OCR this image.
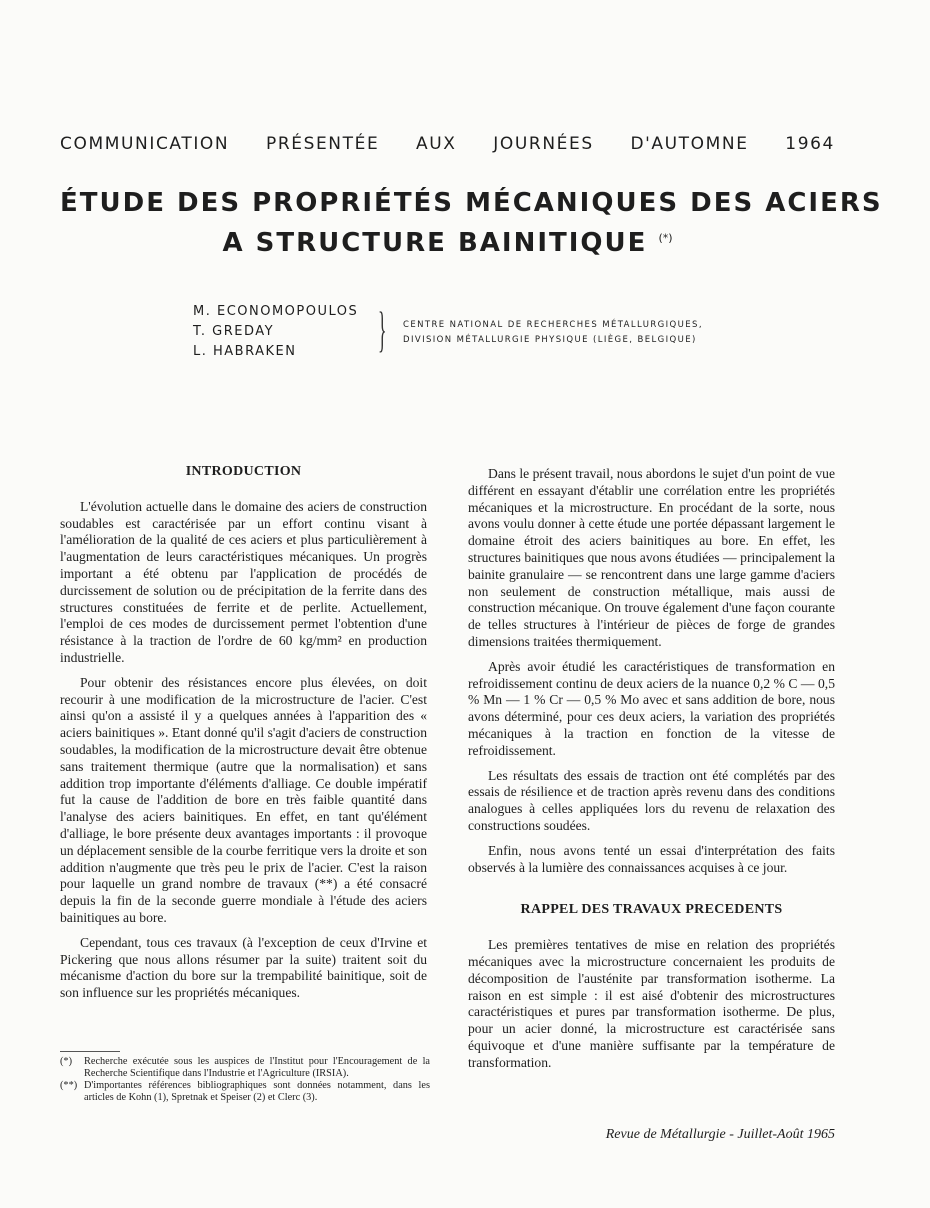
COMMUNICATION PRÉSENTÉE AUX JOURNÉES D'AUTOMNE 1964
ÉTUDE DES PROPRIÉTÉS MÉCANIQUES DES ACIERS
A STRUCTURE BAINITIQUE (*)
M. ECONOMOPOULOS
T. GREDAY
L. HABRAKEN	} CENTRE NATIONAL DE RECHERCHES MÉTALLURGIQUES,
DIVISION MÉTALLURGIE PHYSIQUE (LIÈGE, BELGIQUE)
INTRODUCTION

L'évolution actuelle dans le domaine des aciers de construction soudables est caractérisée par un effort continu visant à l'amélioration de la qualité de ces aciers et plus particulièrement à l'augmentation de leurs caractéristiques mécaniques. Un progrès important a été obtenu par l'application de procédés de durcissement de solution ou de précipitation de la ferrite dans des structures constituées de ferrite et de perlite. Actuellement, l'emploi de ces modes de durcissement permet l'obtention d'une résistance à la traction de l'ordre de 60 kg/mm² en production industrielle.

Pour obtenir des résistances encore plus élevées, on doit recourir à une modification de la microstructure de l'acier. C'est ainsi qu'on a assisté il y a quelques années à l'apparition des « aciers bainitiques ». Etant donné qu'il s'agit d'aciers de construction soudables, la modification de la microstructure devait être obtenue sans traitement thermique (autre que la normalisation) et sans addition trop importante d'éléments d'alliage. Ce double impératif fut la cause de l'addition de bore en très faible quantité dans l'analyse des aciers bainitiques. En effet, en tant qu'élément d'alliage, le bore présente deux avantages importants : il provoque un déplacement sensible de la courbe ferritique vers la droite et son addition n'augmente que très peu le prix de l'acier. C'est la raison pour laquelle un grand nombre de travaux (**) a été consacré depuis la fin de la seconde guerre mondiale à l'étude des aciers bainitiques au bore.

Cependant, tous ces travaux (à l'exception de ceux d'Irvine et Pickering que nous allons résumer par la suite) traitent soit du mécanisme d'action du bore sur la trempabilité bainitique, soit de son influence sur les propriétés mécaniques.

Dans le présent travail, nous abordons le sujet d'un point de vue différent en essayant d'établir une corrélation entre les propriétés mécaniques et la microstructure. En procédant de la sorte, nous avons voulu donner à cette étude une portée dépassant largement le domaine étroit des aciers bainitiques au bore. En effet, les structures bainitiques que nous avons étudiées — principalement la bainite granulaire — se rencontrent dans une large gamme d'aciers non seulement de construction métallique, mais aussi de construction mécanique. On trouve également d'une façon courante de telles structures à l'intérieur de pièces de forge de grandes dimensions traitées thermiquement.

Après avoir étudié les caractéristiques de transformation en refroidissement continu de deux aciers de la nuance 0,2 % C — 0,5 % Mn — 1 % Cr — 0,5 % Mo avec et sans addition de bore, nous avons déterminé, pour ces deux aciers, la variation des propriétés mécaniques à la traction en fonction de la vitesse de refroidissement.

Les résultats des essais de traction ont été complétés par des essais de résilience et de traction après revenu dans des conditions analogues à celles appliquées lors du revenu de relaxation des constructions soudées.

Enfin, nous avons tenté un essai d'interprétation des faits observés à la lumière des connaissances acquises à ce jour.

RAPPEL DES TRAVAUX PRECEDENTS

Les premières tentatives de mise en relation des propriétés mécaniques avec la microstructure concernaient les produits de décomposition de l'austénite par transformation isotherme. La raison en est simple : il est aisé d'obtenir des microstructures caractéristiques et pures par transformation isotherme. De plus, pour un acier donné, la microstructure est caractérisée sans équivoque et d'une manière suffisante par la température de transformation.

(*)	Recherche exécutée sous les auspices de l'Institut pour l'Encouragement de la Recherche Scientifique dans l'Industrie et l'Agriculture (IRSIA).
(**) D'importantes références bibliographiques sont données notamment, dans les articles de Kohn (1), Spretnak et Speiser (2) et Clerc (3).
Revue de Métallurgie - Juillet-Août 1965
